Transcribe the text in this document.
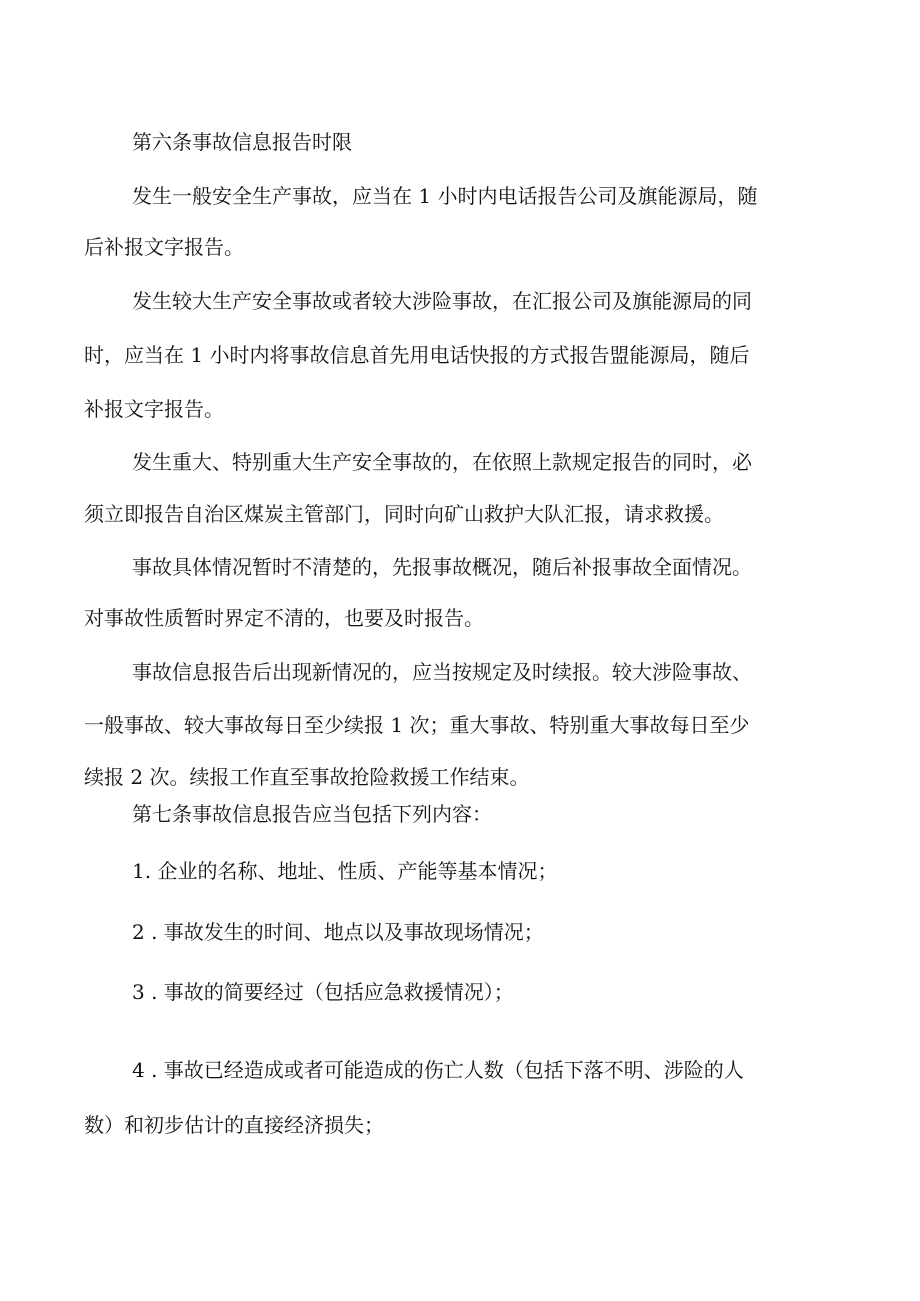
第六条事故信息报告时限
发生一般安全生产事故，应当在 1 小时内电话报告公司及旗能源局，随
后补报文字报告。
发生较大生产安全事故或者较大涉险事故，在汇报公司及旗能源局的同
时，应当在 1 小时内将事故信息首先用电话快报的方式报告盟能源局，随后
补报文字报告。
发生重大、特别重大生产安全事故的，在依照上款规定报告的同时，必
须立即报告自治区煤炭主管部门，同时向矿山救护大队汇报，请求救援。
事故具体情况暂时不清楚的，先报事故概况，随后补报事故全面情况。
对事故性质暂时界定不清的，也要及时报告。
事故信息报告后出现新情况的，应当按规定及时续报。较大涉险事故、
一般事故、较大事故每日至少续报 1 次；重大事故、特别重大事故每日至少
续报 2 次。续报工作直至事故抢险救援工作结束。
第七条事故信息报告应当包括下列内容：
1. 企业的名称、地址、性质、产能等基本情况；
2 . 事故发生的时间、地点以及事故现场情况；
3 . 事故的简要经过（包括应急救援情况）；
4 . 事故已经造成或者可能造成的伤亡人数（包括下落不明、涉险的人
数）和初步估计的直接经济损失；
